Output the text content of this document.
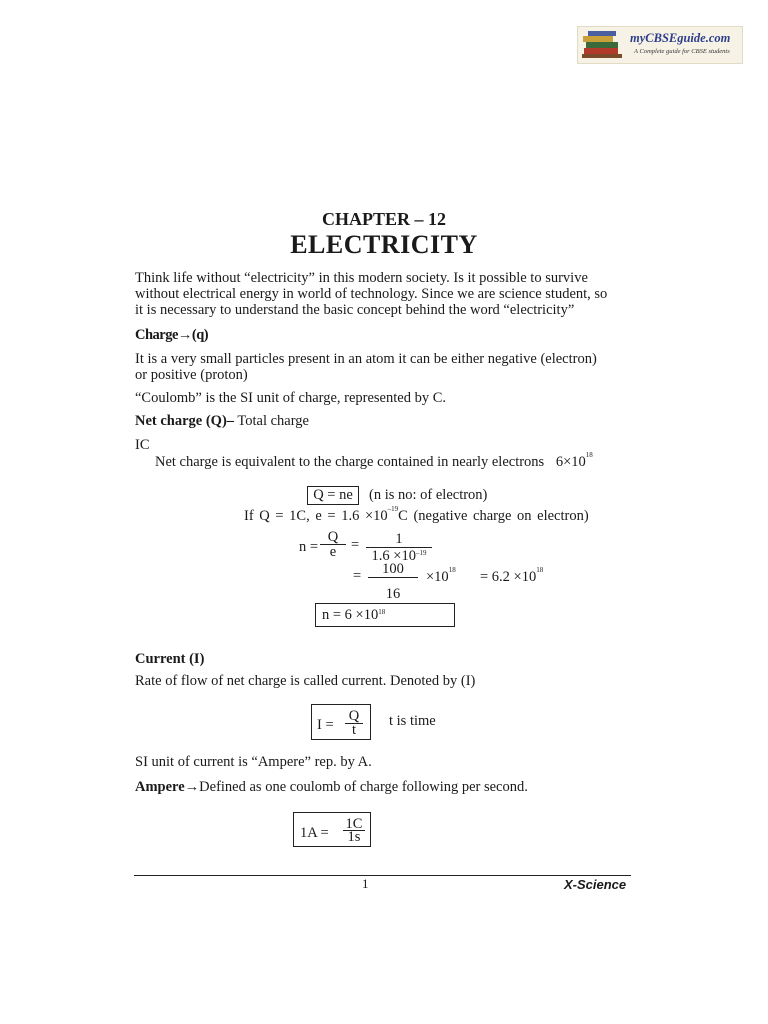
myCBSEguide.com
A Complete guide for CBSE students
CHAPTER – 12
ELECTRICITY
Think life without “electricity” in this modern society. Is it possible to survive
without electrical energy in world of technology. Since we are science student, so
it is necessary to understand the basic concept behind the word “electricity”
Charge→(q)
It is a very small particles present in an atom it can be either negative (electron)
or positive (proton)
“Coulomb” is the SI unit of charge, represented by C.
Net charge (Q)– Total charge
IC
Net charge is equivalent to the charge contained in nearly electrons $6\times 10^{18}$
Q = ne	(n is no: of electron)
If Q = 1C, $e = 1.6 \times 10^{-19}C$ (negative charge on electron)
$n = \frac{Q}{e} = \frac{1}{1.6 \times 10^{-19}}$
= $\frac{100}{16} \times 10^{18} = 6.2 \times 10^{18}$
$n = 6 \times 10^{18}$
Current (I)
Rate of flow of net charge is called current. Denoted by (I)
$I = \frac{Q}{t}$ t is time
SI unit of current is “Ampere” rep. by A.
Ampere→Defined as one coulomb of charge following per second.
$1A = \frac{1C}{1s}$
1	X-Science
